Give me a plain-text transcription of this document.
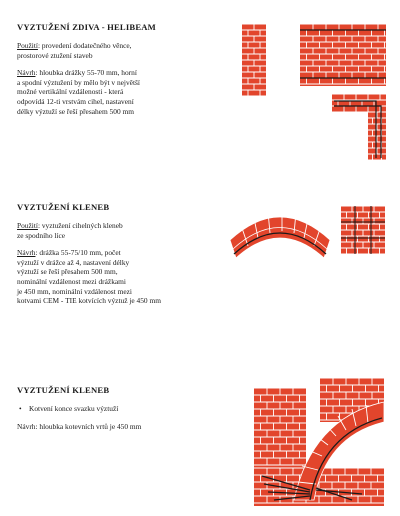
VYZTUŽENÍ ZDIVA - HELIBEAM
Použití: provedení dodatečného věnce,
prostorové ztužení staveb
Návrh: hloubka drážky 55-70 mm, horní
a spodní výztužení by mělo být v největší
možné vertikální vzdálenosti - která
odpovídá 12-ti vrstvám cihel, nastavení
délky výztuží se řeší přesahem 500 mm
VYZTUŽENÍ KLENEB
Použití: vyztužení cihelných kleneb
ze spodního líce
Návrh: drážka 55-75/10 mm, počet
výztuží v drážce až 4, nastavení délky
výztuží se řeší přesahem 500 mm,
nominální vzdálenost mezi drážkami
je 450 mm, nominální vzdálenost mezi
kotvami CEM - TIE kotvících výztuž je 450 mm
VYZTUŽENÍ KLENEB
• Kotvení konce svazku výztuží
Návrh: hloubka kotevních vrtů je 450 mm
